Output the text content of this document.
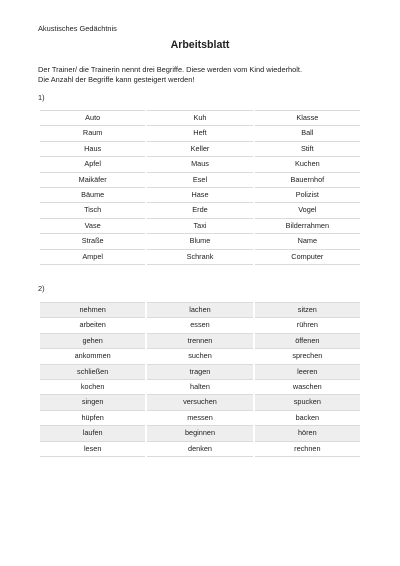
Akustisches Gedächtnis
Arbeitsblatt
Der Trainer/ die Trainerin nennt drei Begriffe. Diese werden vom Kind wiederholt.
Die Anzahl der Begriffe kann gesteigert werden!
1)
Auto	Kuh	Klasse
Raum	Heft	Ball
Haus	Keller	Stift
Apfel	Maus	Kuchen
Maikäfer	Esel	Bauernhof
Bäume	Hase	Polizist
Tisch	Erde	Vogel
Vase	Taxi	Bilderrahmen
Straße	Blume	Name
Ampel	Schrank	Computer
2)
nehmen	lachen	sitzen
arbeiten	essen	rühren
gehen	trennen	öffenen
ankommen	suchen	sprechen
schließen	tragen	leeren
kochen	halten	waschen
singen	versuchen	spucken
hüpfen	messen	backen
laufen	beginnen	hören
lesen	denken	rechnen
